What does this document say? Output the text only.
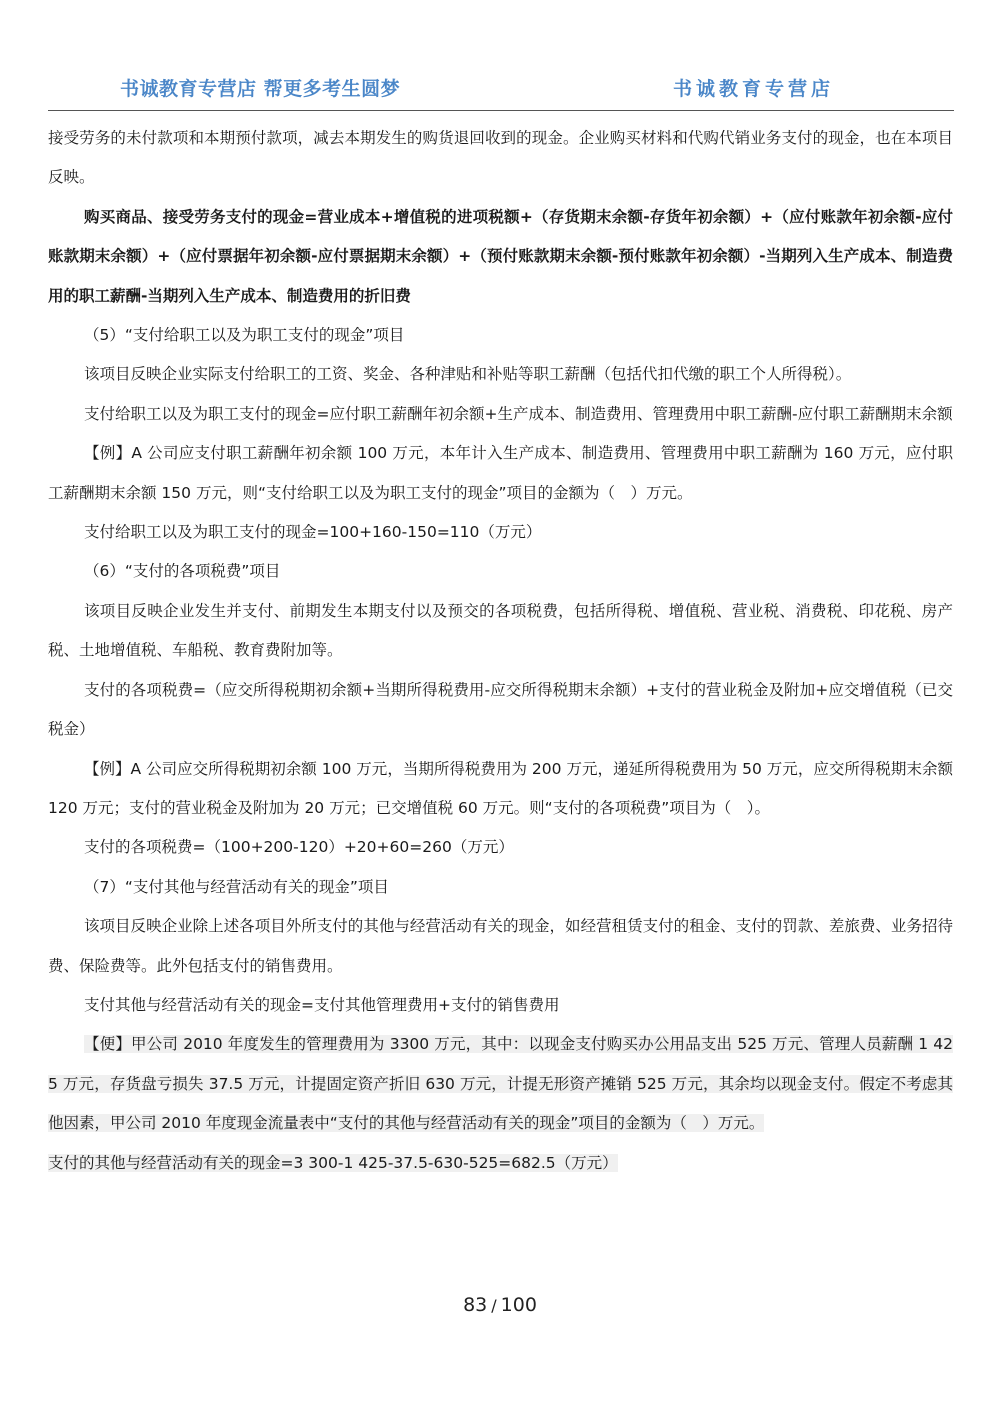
书诚教育专营店 帮更多考生圆梦	书诚教育专营店

接受劳务的未付款项和本期预付款项，减去本期发生的购货退回收到的现金。企业购买材料和代购代销业务支付的现金，也在本项目反映。

购买商品、接受劳务支付的现金=营业成本+增值税的进项税额+（存货期末余额-存货年初余额）+（应付账款年初余额-应付账款期末余额）+（应付票据年初余额-应付票据期末余额）+（预付账款期末余额-预付账款年初余额）-当期列入生产成本、制造费用的职工薪酬-当期列入生产成本、制造费用的折旧费

（5）“支付给职工以及为职工支付的现金”项目

该项目反映企业实际支付给职工的工资、奖金、各种津贴和补贴等职工薪酬（包括代扣代缴的职工个人所得税）。

支付给职工以及为职工支付的现金=应付职工薪酬年初余额+生产成本、制造费用、管理费用中职工薪酬-应付职工薪酬期末余额

【例】A 公司应支付职工薪酬年初余额 100 万元，本年计入生产成本、制造费用、管理费用中职工薪酬为 160 万元，应付职工薪酬期末余额 150 万元，则“支付给职工以及为职工支付的现金”项目的金额为（　）万元。

支付给职工以及为职工支付的现金=100+160-150=110（万元）

（6）“支付的各项税费”项目

该项目反映企业发生并支付、前期发生本期支付以及预交的各项税费，包括所得税、增值税、营业税、消费税、印花税、房产税、土地增值税、车船税、教育费附加等。

支付的各项税费=（应交所得税期初余额+当期所得税费用-应交所得税期末余额）+支付的营业税金及附加+应交增值税（已交税金）

【例】A 公司应交所得税期初余额 100 万元，当期所得税费用为 200 万元，递延所得税费用为 50 万元，应交所得税期末余额 120 万元；支付的营业税金及附加为 20 万元；已交增值税 60 万元。则“支付的各项税费”项目为（　）。

支付的各项税费=（100+200-120）+20+60=260（万元）

（7）“支付其他与经营活动有关的现金”项目

该项目反映企业除上述各项目外所支付的其他与经营活动有关的现金，如经营租赁支付的租金、支付的罚款、差旅费、业务招待费、保险费等。此外包括支付的销售费用。

支付其他与经营活动有关的现金=支付其他管理费用+支付的销售费用

【便】甲公司 2010 年度发生的管理费用为 3300 万元，其中：以现金支付购买办公用品支出 525 万元、管理人员薪酬 1 425 万元，存货盘亏损失 37.5 万元，计提固定资产折旧 630 万元，计提无形资产摊销 525 万元，其余均以现金支付。假定不考虑其他因素，甲公司 2010 年度现金流量表中“支付的其他与经营活动有关的现金”项目的金额为（　）万元。

支付的其他与经营活动有关的现金=3 300-1 425-37.5-630-525=682.5（万元）

83 / 100
